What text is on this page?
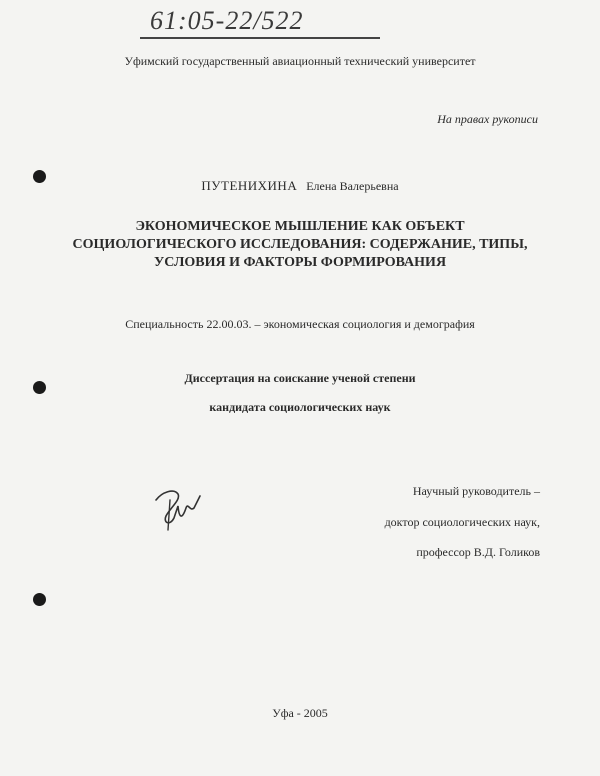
61:05-22/522
Уфимский государственный авиационный технический университет
На правах рукописи
ПУТЕНИХИНА Елена Валерьевна
ЭКОНОМИЧЕСКОЕ МЫШЛЕНИЕ КАК ОБЪЕКТ
СОЦИОЛОГИЧЕСКОГО ИССЛЕДОВАНИЯ: СОДЕРЖАНИЕ, ТИПЫ,
УСЛОВИЯ И ФАКТОРЫ ФОРМИРОВАНИЯ
Специальность 22.00.03. – экономическая социология и демография
Диссертация на соискание ученой степени
кандидата социологических наук
Научный руководитель –
доктор социологических наук,
профессор В.Д. Голиков
Уфа - 2005
